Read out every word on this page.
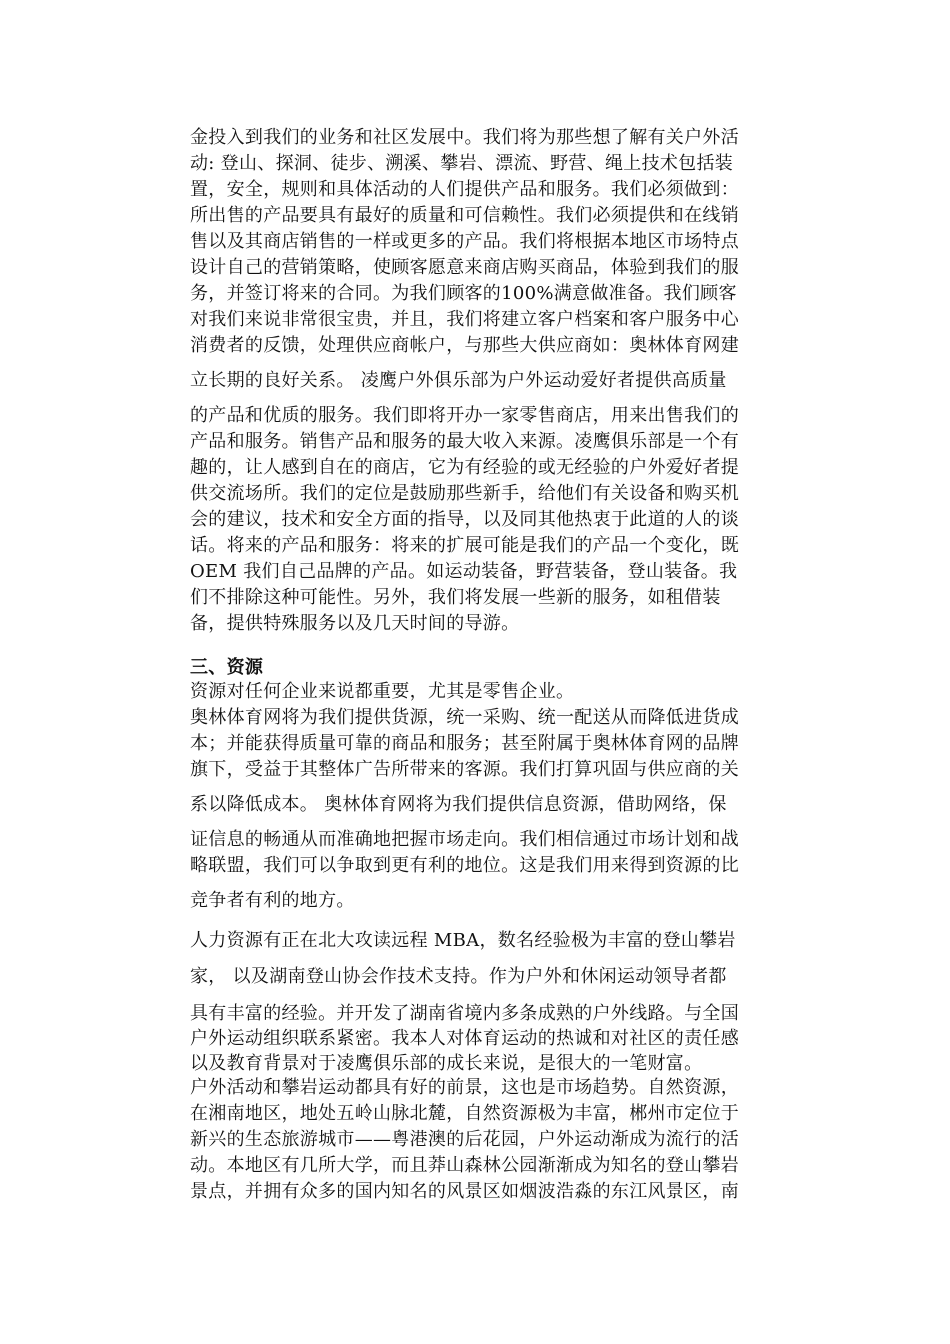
金投入到我们的业务和社区发展中。我们将为那些想了解有关户外活
动: 登山、探洞、徒步、溯溪、攀岩、漂流、野营、绳上技术包括装
置，安全，规则和具体活动的人们提供产品和服务。我们必须做到：
所出售的产品要具有最好的质量和可信赖性。我们必须提供和在线销
售以及其商店销售的一样或更多的产品。我们将根据本地区市场特点
设计自己的营销策略，使顾客愿意来商店购买商品，体验到我们的服
务，并签订将来的合同。为我们顾客的100%满意做准备。我们顾客
对我们来说非常很宝贵，并且，我们将建立客户档案和客户服务中心
消费者的反馈，处理供应商帐户，与那些大供应商如：奥林体育网建
立长期的良好关系。 凌鹰户外俱乐部为户外运动爱好者提供高质量
的产品和优质的服务。我们即将开办一家零售商店，用来出售我们的
产品和服务。销售产品和服务的最大收入来源。凌鹰俱乐部是一个有
趣的，让人感到自在的商店，它为有经验的或无经验的户外爱好者提
供交流场所。我们的定位是鼓励那些新手，给他们有关设备和购买机
会的建议，技术和安全方面的指导，以及同其他热衷于此道的人的谈
话。将来的产品和服务：将来的扩展可能是我们的产品一个变化，既
OEM 我们自己品牌的产品。如运动装备，野营装备，登山装备。我
们不排除这种可能性。另外，我们将发展一些新的服务，如租借装
备，提供特殊服务以及几天时间的导游。
三、资源
资源对任何企业来说都重要，尤其是零售企业。
奥林体育网将为我们提供货源，统一采购、统一配送从而降低进货成
本；并能获得质量可靠的商品和服务；甚至附属于奥林体育网的品牌
旗下，受益于其整体广告所带来的客源。我们打算巩固与供应商的关
系以降低成本。 奥林体育网将为我们提供信息资源，借助网络，保
证信息的畅通从而准确地把握市场走向。我们相信通过市场计划和战
略联盟，我们可以争取到更有利的地位。这是我们用来得到资源的比
竞争者有利的地方。
人力资源有正在北大攻读远程 MBA，数名经验极为丰富的登山攀岩
家， 以及湖南登山协会作技术支持。作为户外和休闲运动领导者都
具有丰富的经验。并开发了湖南省境内多条成熟的户外线路。与全国
户外运动组织联系紧密。我本人对体育运动的热诚和对社区的责任感
以及教育背景对于凌鹰俱乐部的成长来说，是很大的一笔财富。
户外活动和攀岩运动都具有好的前景，这也是市场趋势。自然资源，
在湘南地区，地处五岭山脉北麓，自然资源极为丰富，郴州市定位于
新兴的生态旅游城市——粤港澳的后花园，户外运动渐成为流行的活
动。本地区有几所大学，而且莽山森林公园渐渐成为知名的登山攀岩
景点，并拥有众多的国内知名的风景区如烟波浩淼的东江风景区，南
